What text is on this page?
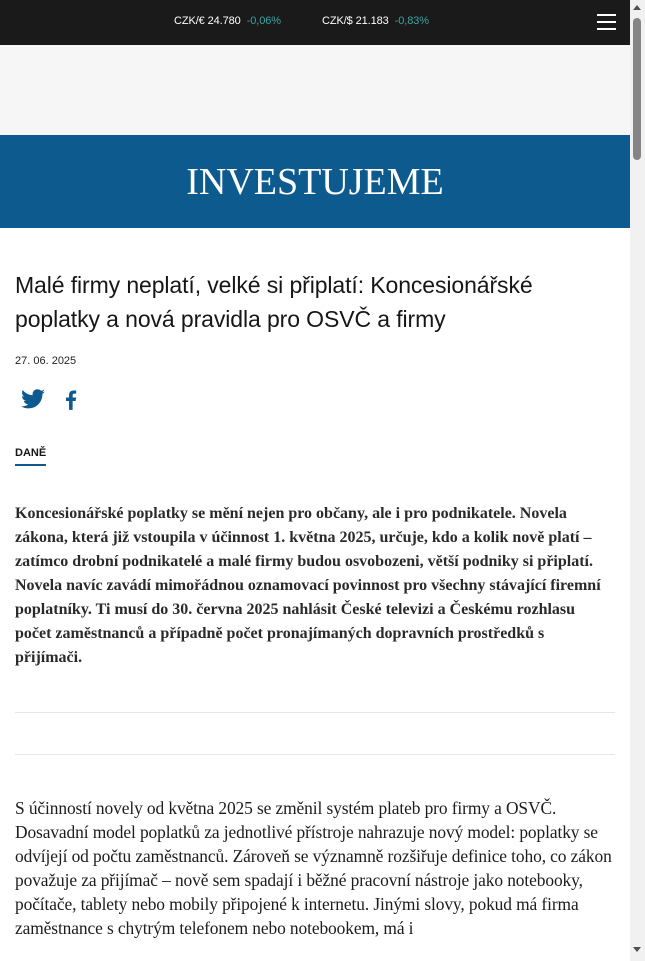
CZK/€ 24.780 -0,06%	CZK/$ 21.183 -0,83%
INVESTUJEME
Malé firmy neplatí, velké si připlatí: Koncesionářské poplatky a nová pravidla pro OSVČ a firmy
27. 06. 2025
DANĚ

Koncesionářské poplatky se mění nejen pro občany, ale i pro podnikatele. Novela zákona, která již vstoupila v účinnost 1. května 2025, určuje, kdo a kolik nově platí – zatímco drobní podnikatelé a malé firmy budou osvobozeni, větší podniky si připlatí. Novela navíc zavádí mimořádnou oznamovací povinnost pro všechny stávající firemní poplatníky. Ti musí do 30. června 2025 nahlásit České televizi a Českému rozhlasu počet zaměstnanců a případně počet pronajímaných dopravních prostředků s přijímači.

S účinností novely od května 2025 se změnil systém plateb pro firmy a OSVČ. Dosavadní model poplatků za jednotlivé přístroje nahrazuje nový model: poplatky se odvíjejí od počtu zaměstnanců. Zároveň se významně rozšiřuje definice toho, co zákon považuje za přijímač – nově sem spadají i běžné pracovní nástroje jako notebooky, počítače, tablety nebo mobily připojené k internetu. Jinými slovy, pokud má firma zaměstnance s chytrým telefonem nebo notebookem, má i
